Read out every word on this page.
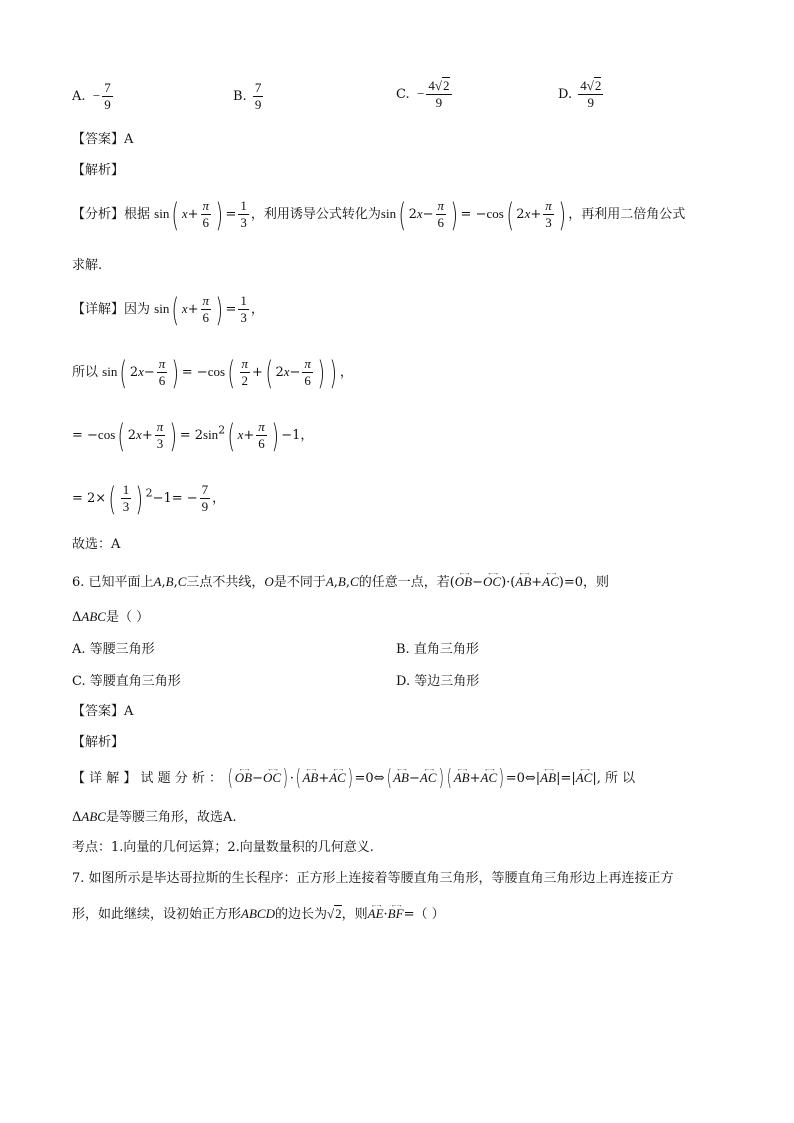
A.  − $\frac{7}{9}$	B. $\frac{7}{9}$	C.  − $\frac{4√2}{9}$	D. $\frac{4√2}{9}$
【答案】A
【解析】
【分析】根据 sin( $x+ \frac{\pi}{6}$ ) = $\frac{1}{3}$ ，利用诱导公式转化为sin( $2x- \frac{\pi}{6}$ ) = −cos( $2x+ \frac{\pi}{3}$ ) ，再利用二倍角公式
求解.
【详解】因为 sin( $x+ \frac{\pi}{6}$ ) = $\frac{1}{3}$ ，
所以 sin( $2x- \frac{\pi}{6}$ ) = $-\cos( \frac{\pi}{2}$ +( $2x- \frac{\pi}{6}$ ) ) ，
= −cos( $2x+ \frac{\pi}{3}$ ) = $2\sin^2$( $x+ \frac{\pi}{6}$ ) −1，
= $2\times( \frac{1}{3}$ ) $^2-1= - \frac{7}{9}$ ，
故选：A
6. 已知平面上A,B,C三点不共线，O是不同于A,B,C的任意一点，若(←→ OB−←→ OC)·(←→ AB+←→ AC)=0，则
ΔABC是（ ）
A. 等腰三角形	B. 直角三角形
C. 等腰直角三角形	D. 等边三角形
【答案】A
【解析】
【 详 解 】 试 题 分 析 ： ( ←→ OB−←→ OC) ·( ←→ AB+←→ AC) =0⇔( ←→ AB−←→ AC) ( ←→ AB+←→ AC) =0⇔|←→ AB|=|←→ AC|, 所 以
ΔABC是等腰三角形，故选A.
考点：1.向量的几何运算；2.向量数量积的几何意义.
7. 如图所示是毕达哥拉斯的生长程序：正方形上连接着等腰直角三角形，等腰直角三角形边上再连接正方
形，如此继续，设初始正方形ABCD的边长为√2，则←→ AE·←→ BF=（ ）
